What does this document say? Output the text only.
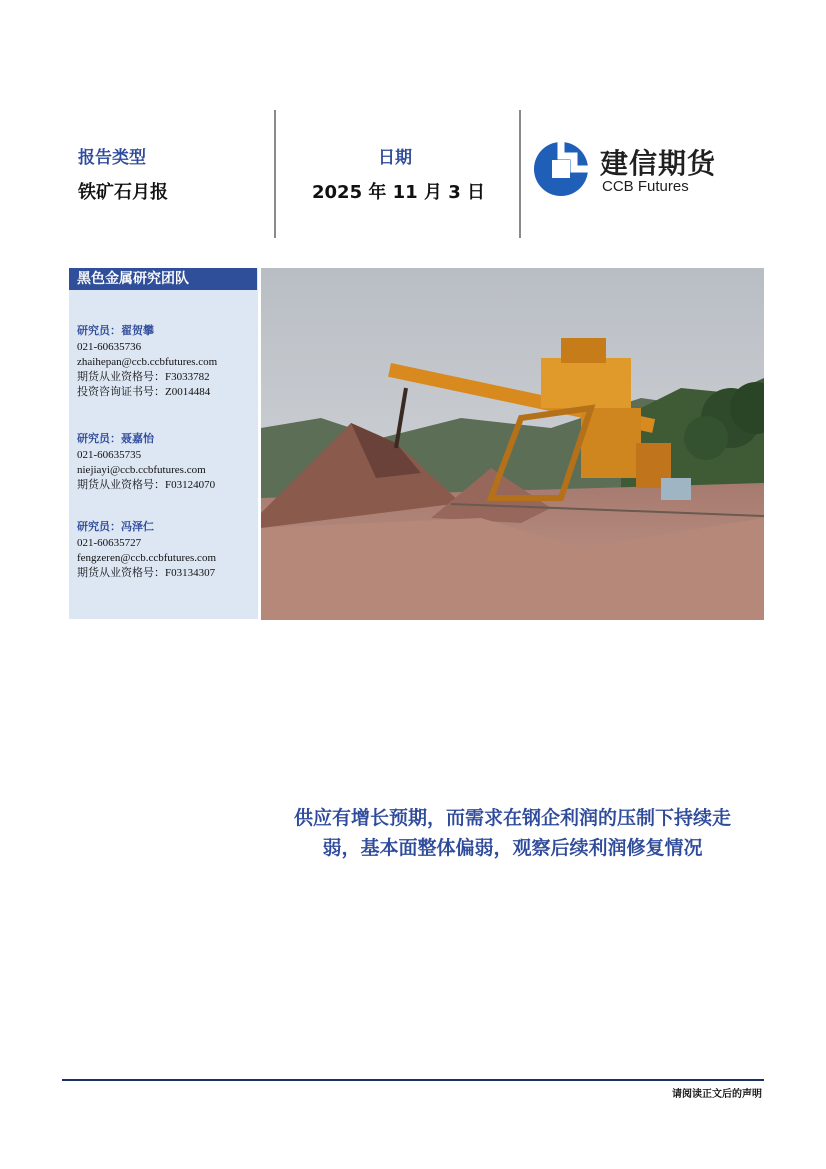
报告类型
铁矿石月报
日期
2025 年 11 月 3 日
建信期货
CCB Futures
黑色金属研究团队
研究员：翟贺攀
021-60635736
zhaihepan@ccb.ccbfutures.com
期货从业资格号：F3033782
投资咨询证书号：Z0014484
研究员：聂嘉怡
021-60635735
niejiayi@ccb.ccbfutures.com
期货从业资格号：F03124070
研究员：冯泽仁
021-60635727
fengzeren@ccb.ccbfutures.com
期货从业资格号：F03134307
供应有增长预期，而需求在钢企利润的压制下持续走
弱，基本面整体偏弱，观察后续利润修复情况
请阅读正文后的声明
